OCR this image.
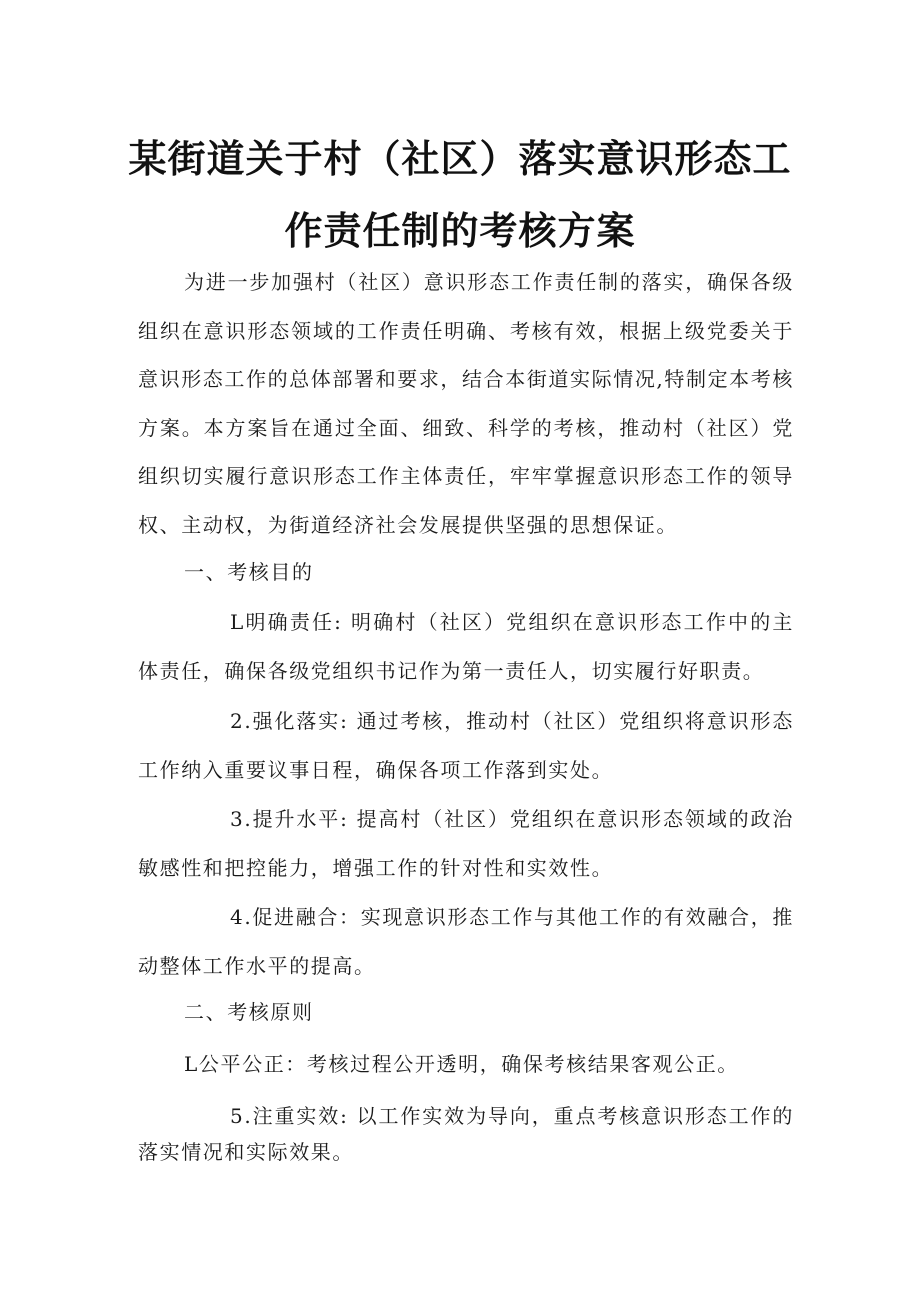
某街道关于村（社区）落实意识形态工
作责任制的考核方案
为进一步加强村（社区）意识形态工作责任制的落实，确保各级组织在意识形态领域的工作责任明确、考核有效，根据上级党委关于意识形态工作的总体部署和要求，结合本街道实际情况,特制定本考核方案。本方案旨在通过全面、细致、科学的考核，推动村（社区）党组织切实履行意识形态工作主体责任，牢牢掌握意识形态工作的领导权、主动权，为街道经济社会发展提供坚强的思想保证。
一、考核目的
L明确责任: 明确村（社区）党组织在意识形态工作中的主体责任，确保各级党组织书记作为第一责任人，切实履行好职责。
2.强化落实: 通过考核，推动村（社区）党组织将意识形态工作纳入重要议事日程，确保各项工作落到实处。
3.提升水平: 提高村（社区）党组织在意识形态领域的政治敏感性和把控能力，增强工作的针对性和实效性。
4.促进融合：实现意识形态工作与其他工作的有效融合，推动整体工作水平的提高。
二、考核原则
L公平公正：考核过程公开透明，确保考核结果客观公正。
5.注重实效: 以工作实效为导向，重点考核意识形态工作的落实情况和实际效果。
